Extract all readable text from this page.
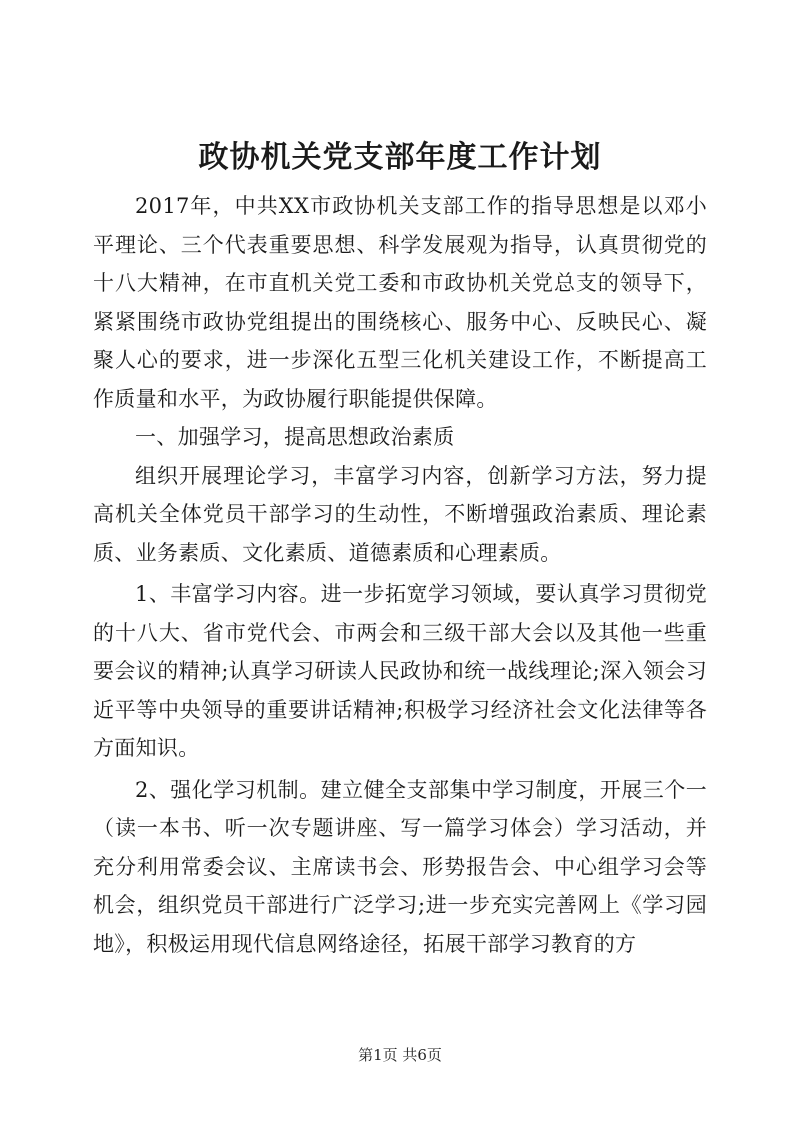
政协机关党支部年度工作计划

2017年，中共XX市政协机关支部工作的指导思想是以邓小平理论、三个代表重要思想、科学发展观为指导，认真贯彻党的十八大精神，在市直机关党工委和市政协机关党总支的领导下，紧紧围绕市政协党组提出的围绕核心、服务中心、反映民心、凝聚人心的要求，进一步深化五型三化机关建设工作，不断提高工作质量和水平，为政协履行职能提供保障。

一、加强学习，提高思想政治素质

组织开展理论学习，丰富学习内容，创新学习方法，努力提高机关全体党员干部学习的生动性，不断增强政治素质、理论素质、业务素质、文化素质、道德素质和心理素质。

1、丰富学习内容。进一步拓宽学习领域，要认真学习贯彻党的十八大、省市党代会、市两会和三级干部大会以及其他一些重要会议的精神;认真学习研读人民政协和统一战线理论;深入领会习近平等中央领导的重要讲话精神;积极学习经济社会文化法律等各方面知识。

2、强化学习机制。建立健全支部集中学习制度，开展三个一（读一本书、听一次专题讲座、写一篇学习体会）学习活动，并充分利用常委会议、主席读书会、形势报告会、中心组学习会等机会，组织党员干部进行广泛学习;进一步充实完善网上《学习园地》，积极运用现代信息网络途径，拓展干部学习教育的方

第1页 共6页
